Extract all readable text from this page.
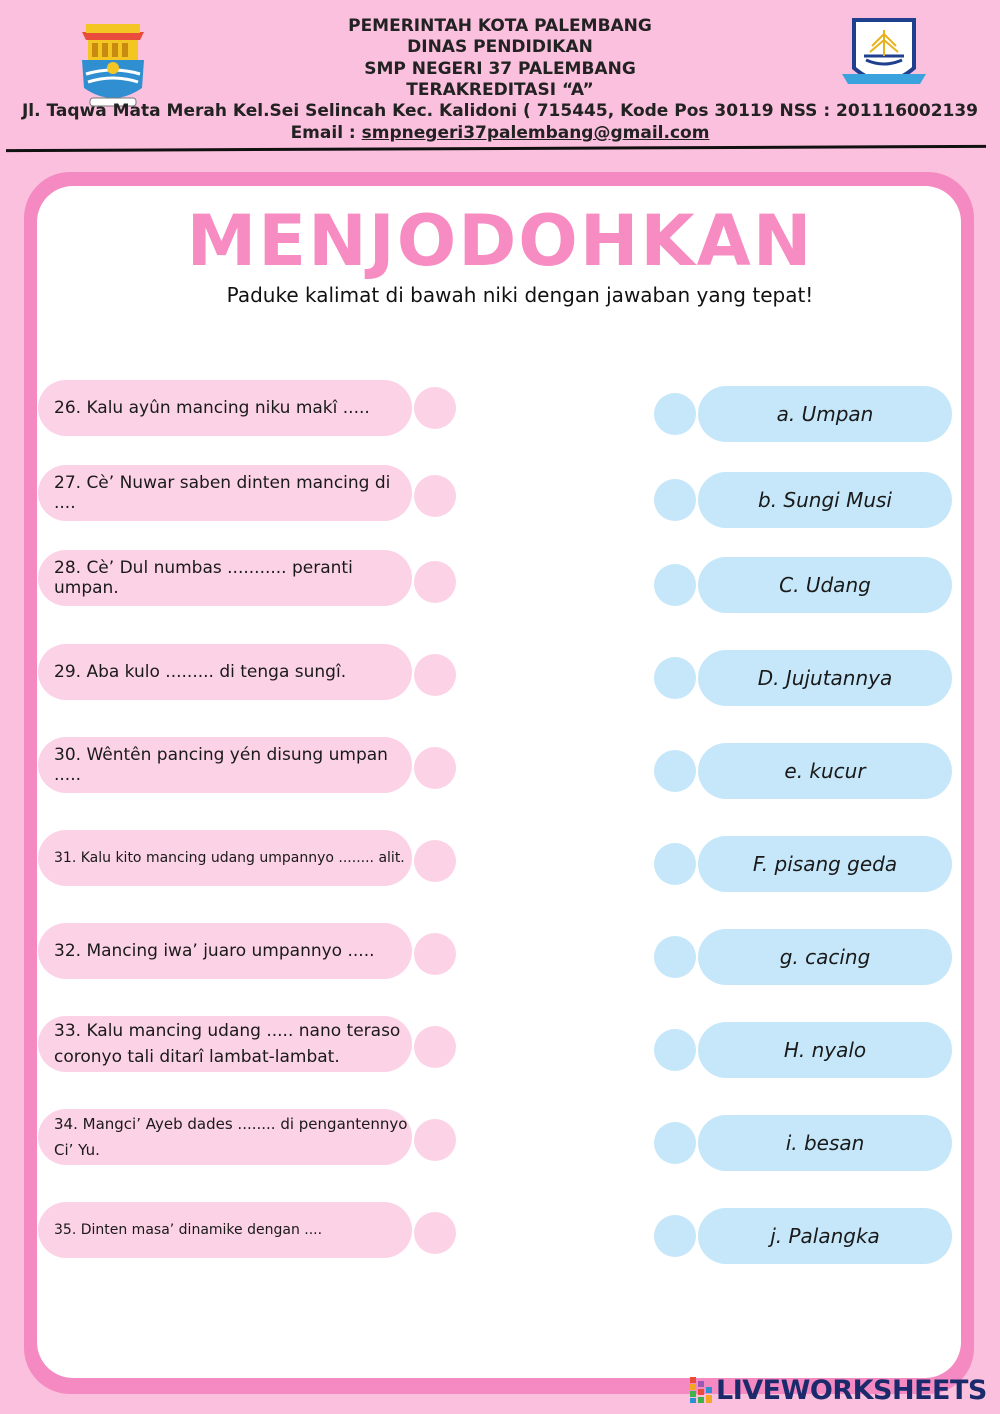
PEMERINTAH KOTA PALEMBANG
DINAS PENDIDIKAN
SMP NEGERI 37 PALEMBANG
TERAKREDITASI “A”
Jl. Taqwa Mata Merah Kel.Sei Selincah Kec. Kalidoni ( 715445, Kode Pos 30119 NSS : 201116002139
Email : smpnegeri37palembang@gmail.com
MENJODOHKAN
Paduke kalimat di bawah niki dengan jawaban yang tepat!
26. Kalu ayûn mancing niku makî .....
27. Cè’ Nuwar saben dinten mancing di ....
28. Cè’ Dul numbas ........... peranti umpan.
29. Aba kulo ......... di tenga sungî.
30. Wêntên pancing yén disung umpan .....
31. Kalu kito mancing udang umpannyo ........ alit.
32. Mancing iwa’ juaro umpannyo .....
33. Kalu mancing udang ..... nano teraso
coronyo tali ditarî lambat-lambat.
34. Mangci’ Ayeb dades ........ di pengantennyo
Ci’ Yu.
35. Dinten masa’ dinamike dengan ....
a. Umpan
b. Sungi Musi
C. Udang
D. Jujutannya
e. kucur
F. pisang geda
g. cacing
H. nyalo
i. besan
j. Palangka
LIVEWORKSHEETS
